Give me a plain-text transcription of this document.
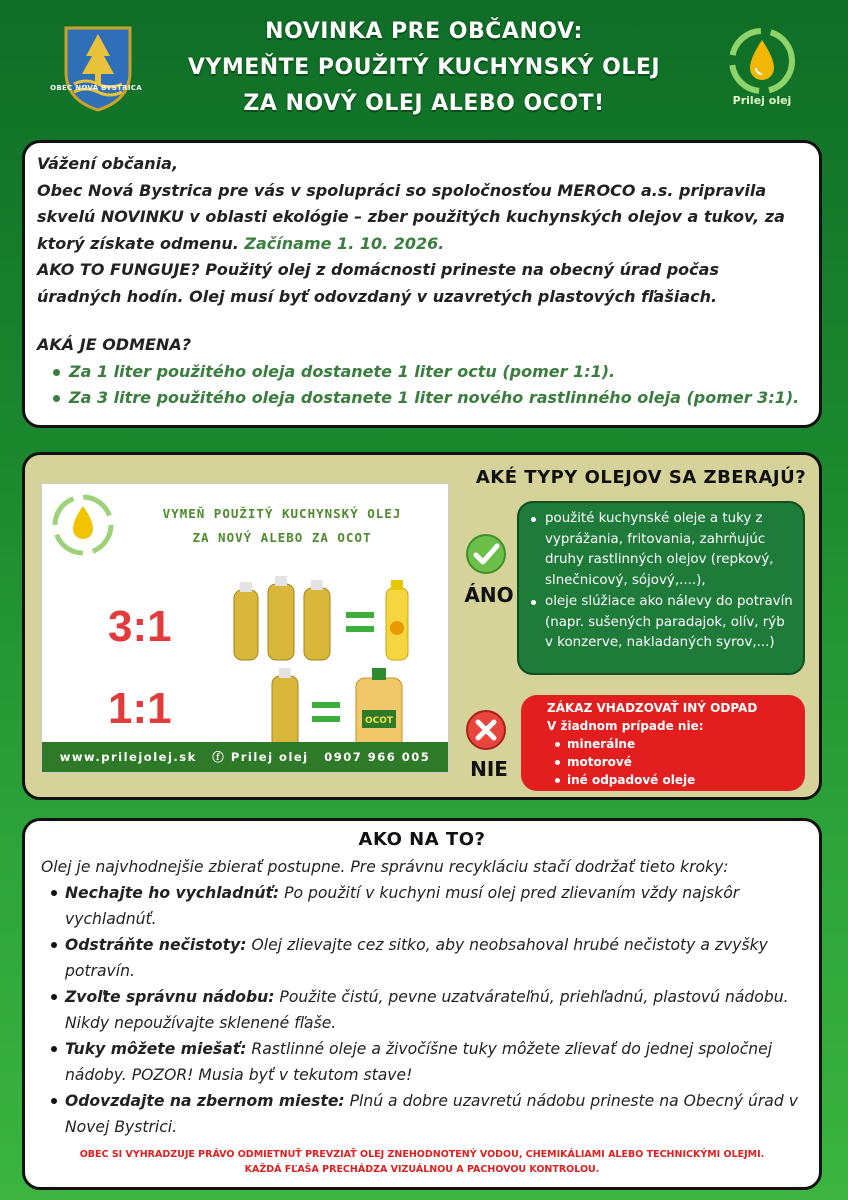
OBEC NOVÁ BYSTRICA
NOVINKA PRE OBČANOV:
VYMEŇTE POUŽITÝ KUCHYNSKÝ OLEJ
ZA NOVÝ OLEJ ALEBO OCOT!	Prilej olej
Vážení občania,
Obec Nová Bystrica pre vás v spolupráci so spoločnosťou MEROCO a.s. pripravila skvelú NOVINKU v oblasti ekológie – zber použitých kuchynských olejov a tukov, za ktorý získate odmenu. Začíname 1. 10. 2026.
AKO TO FUNGUJE? Použitý olej z domácnosti prineste na obecný úrad počas úradných hodín. Olej musí byť odovzdaný v uzavretých plastových fľašiach.
AKÁ JE ODMENA?
Za 1 liter použitého oleja dostanete 1 liter octu (pomer 1:1).
Za 3 litre použitého oleja dostanete 1 liter nového rastlinného oleja (pomer 3:1).
VYMEŇ POUŽITÝ KUCHYNSKÝ OLEJ
ZA NOVÝ ALEBO ZA OCOT
3:1
1:1	OCOT
www.prilejolej.sk ⓕ Prilej olej 0907 966 005
AKÉ TYPY OLEJOV SA ZBERAJÚ?
ÁNO
použité kuchynské oleje a tuky z vyprážania, fritovania, zahrňujúc druhy rastlinných olejov (repkový, slnečnicový, sójový,....),
oleje slúžiace ako nálevy do potravín (napr. sušených paradajok, olív, rýb v konzerve, nakladaných syrov,...)
NIE
ZÁKAZ VHADZOVAŤ INÝ ODPAD
V žiadnom prípade nie:
minerálne
motorové
iné odpadové oleje
AKO NA TO?
Olej je najvhodnejšie zbierať postupne. Pre správnu recykláciu stačí dodržať tieto kroky:
Nechajte ho vychladnúť: Po použití v kuchyni musí olej pred zlievaním vždy najskôr vychladnúť.
Odstráňte nečistoty: Olej zlievajte cez sitko, aby neobsahoval hrubé nečistoty a zvyšky potravín.
Zvoľte správnu nádobu: Použite čistú, pevne uzatvárateľnú, priehľadnú, plastovú nádobu. Nikdy nepoužívajte sklenené fľaše.
Tuky môžete miešať: Rastlinné oleje a živočíšne tuky môžete zlievať do jednej spoločnej nádoby. POZOR! Musia byť v tekutom stave!
Odovzdajte na zbernom mieste: Plnú a dobre uzavretú nádobu prineste na Obecný úrad v Novej Bystrici.
OBEC SI VYHRADZUJE PRÁVO ODMIETNUŤ PREVZIAŤ OLEJ ZNEHODNOTENÝ VODOU, CHEMIKÁLIAMI ALEBO TECHNICKÝMI OLEJMI.
KAŽDÁ FĽAŠA PRECHÁDZA VIZUÁLNOU A PACHOVOU KONTROLOU.
